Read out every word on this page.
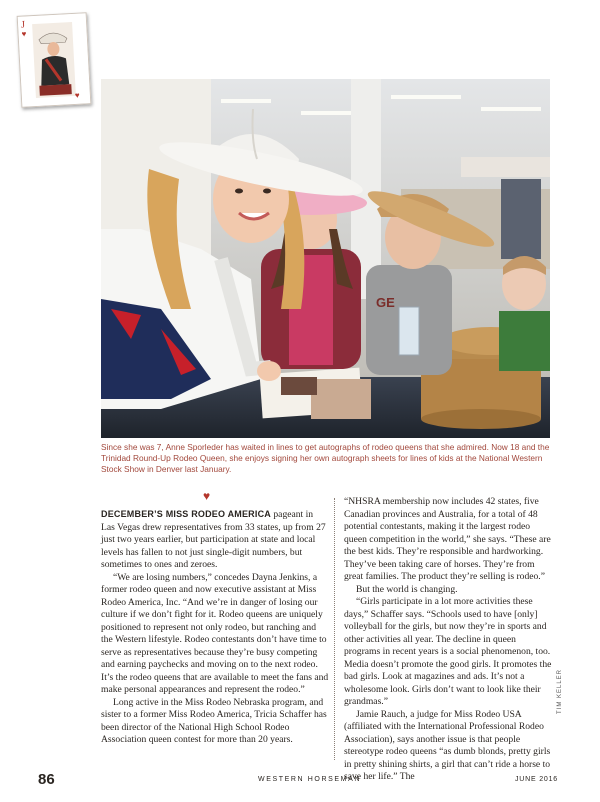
J
♥
♥
GE

Since she was 7, Anne Sporleder has waited in lines to get autographs of rodeo queens that she admired. Now 18 and the Trinidad Round-Up Rodeo Queen, she enjoys signing her own autograph sheets for lines of kids at the National Western Stock Show in Denver last January.

♥

DECEMBER’S MISS RODEO AMERICA pageant in Las Vegas drew representatives from 33 states, up from 27 just two years earlier, but participation at state and local levels has fallen to not just single-digit numbers, but sometimes to ones and zeroes.

“We are losing numbers,” concedes Dayna Jenkins, a former rodeo queen and now executive assistant at Miss Rodeo America, Inc. “And we’re in danger of losing our culture if we don’t fight for it. Rodeo queens are uniquely positioned to represent not only rodeo, but ranching and the Western lifestyle. Rodeo contestants don’t have time to serve as representatives because they’re busy competing and earning paychecks and moving on to the next rodeo. It’s the rodeo queens that are available to meet the fans and make personal appearances and represent the rodeo.”

Long active in the Miss Rodeo Nebraska program, and sister to a former Miss Rodeo America, Tricia Schaffer has been director of the National High School Rodeo Association queen contest for more than 20 years.

“NHSRA membership now includes 42 states, five Canadian provinces and Australia, for a total of 48 potential contestants, making it the largest rodeo queen competition in the world,” she says. “These are the best kids. They’re responsible and hardworking. They’ve been taking care of horses. They’re from great families. The product they’re selling is rodeo.”

But the world is changing.

“Girls participate in a lot more activities these days,” Schaffer says. “Schools used to have [only] volleyball for the girls, but now they’re in sports and other activities all year. The decline in queen programs in recent years is a social phenomenon, too. Media doesn’t promote the good girls. It promotes the bad girls. Look at magazines and ads. It’s not a wholesome look. Girls don’t want to look like their grandmas.”

Jamie Rauch, a judge for Miss Rodeo USA (affiliated with the International Professional Rodeo Association), says another issue is that people stereotype rodeo queens “as dumb blonds, pretty girls in pretty shining shirts, a girl that can’t ride a horse to save her life.” The

TIM KELLER
86	WESTERN HORSEMAN	JUNE 2016
